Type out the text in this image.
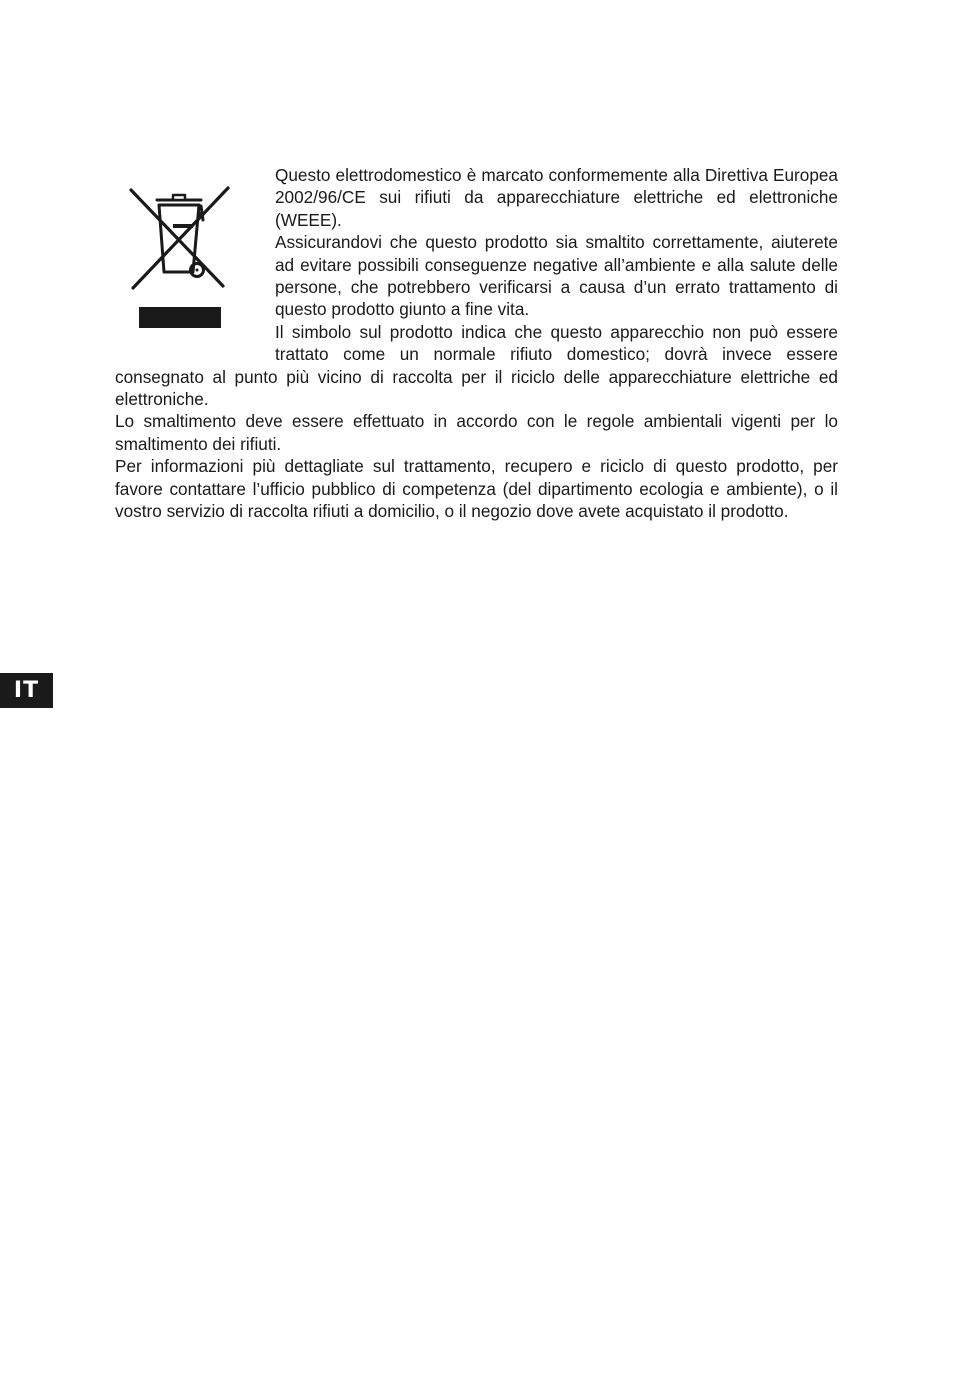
Questo elettrodomestico è marcato conformemente alla Direttiva Europea 2002/96/CE sui rifiuti da apparecchiature elettriche ed elettroniche (WEEE).

Assicurandovi che questo prodotto sia smaltito correttamente, aiuterete ad evitare possibili conseguenze negative all’ambiente e alla salute delle persone, che potrebbero verificarsi a causa d’un errato trattamento di questo prodotto giunto a fine vita.

Il simbolo sul prodotto indica che questo apparecchio non può essere trattato come un normale rifiuto domestico; dovrà invece essere consegnato al punto più vicino di raccolta per il riciclo delle apparecchiature elettriche ed elettroniche.

Lo smaltimento deve essere effettuato in accordo con le regole ambientali vigenti per lo smaltimento dei rifiuti.

Per informazioni più dettagliate sul trattamento, recupero e riciclo di questo prodotto, per favore contattare l’ufficio pubblico di competenza (del dipartimento ecologia e ambiente), o il vostro servizio di raccolta rifiuti a domicilio, o il negozio dove avete acquistato il prodotto.

IT
